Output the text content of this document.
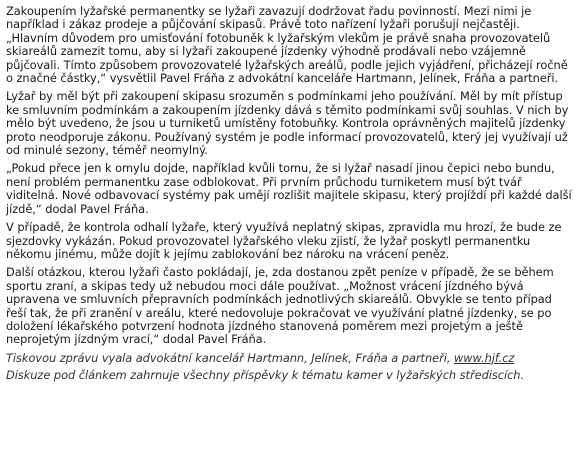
Zakoupením lyžařské permanentky se lyžaři zavazují dodržovat řadu povinností. Mezi nimi je například i zákaz prodeje a půjčování skipasů. Právě toto nařízení lyžaři porušují nejčastěji. „Hlavním důvodem pro umisťování fotobuněk k lyžařským vlekům je právě snaha provozovatelů skiareálů zamezit tomu, aby si lyžaři zakoupené jízdenky výhodně prodávali nebo vzájemně půjčovali. Tímto způsobem provozovatelé lyžařských areálů, podle jejich vyjádření, přicházejí ročně o značné částky,“ vysvětlil Pavel Fráňa z advokátní kanceláře Hartmann, Jelínek, Fráňa a partneři.

Lyžař by měl být při zakoupení skipasu srozuměn s podmínkami jeho používání. Měl by mít přístup ke smluvním podmínkám a zakoupením jízdenky dává s těmito podmínkami svůj souhlas. V nich by mělo být uvedeno, že jsou u turniketů umístěny fotobuňky. Kontrola oprávněných majitelů jízdenky proto neodporuje zákonu. Používaný systém je podle informací provozovatelů, který jej využívají už od minulé sezony, téměř neomylný.

„Pokud přece jen k omylu dojde, například kvůli tomu, že si lyžař nasadí jinou čepici nebo bundu, není problém permanentku zase odblokovat. Při prvním průchodu turniketem musí být tvář viditelná. Nové odbavovací systémy pak umějí rozlišit majitele skipasu, který projíždí při každé další jízdě,“ dodal Pavel Fráňa.

V případě, že kontrola odhalí lyžaře, který využívá neplatný skipas, zpravidla mu hrozí, že bude ze sjezdovky vykázán. Pokud provozovatel lyžařského vleku zjistí, že lyžař poskytl permanentku někomu jinému, může dojít k jejímu zablokování bez nároku na vrácení peněz.

Další otázkou, kterou lyžaři často pokládají, je, zda dostanou zpět peníze v případě, že se během sportu zraní, a skipas tedy už nebudou moci dále používat. „Možnost vrácení jízdného bývá upravena ve smluvních přepravních podmínkách jednotlivých skiareálů. Obvykle se tento případ řeší tak, že při zranění v areálu, které nedovoluje pokračovat ve využívání platné jízdenky, se po doložení lékařského potvrzení hodnota jízdného stanovená poměrem mezi projetým a ještě neprojetým jízdným vrací,“ dodal Pavel Fráňa.

Tiskovou zprávu vyala advokátní kancelář Hartmann, Jelínek, Fráňa a partneři, www.hjf.cz

Diskuze pod článkem zahrnuje všechny příspěvky k tématu kamer v lyžařských střediscích.
